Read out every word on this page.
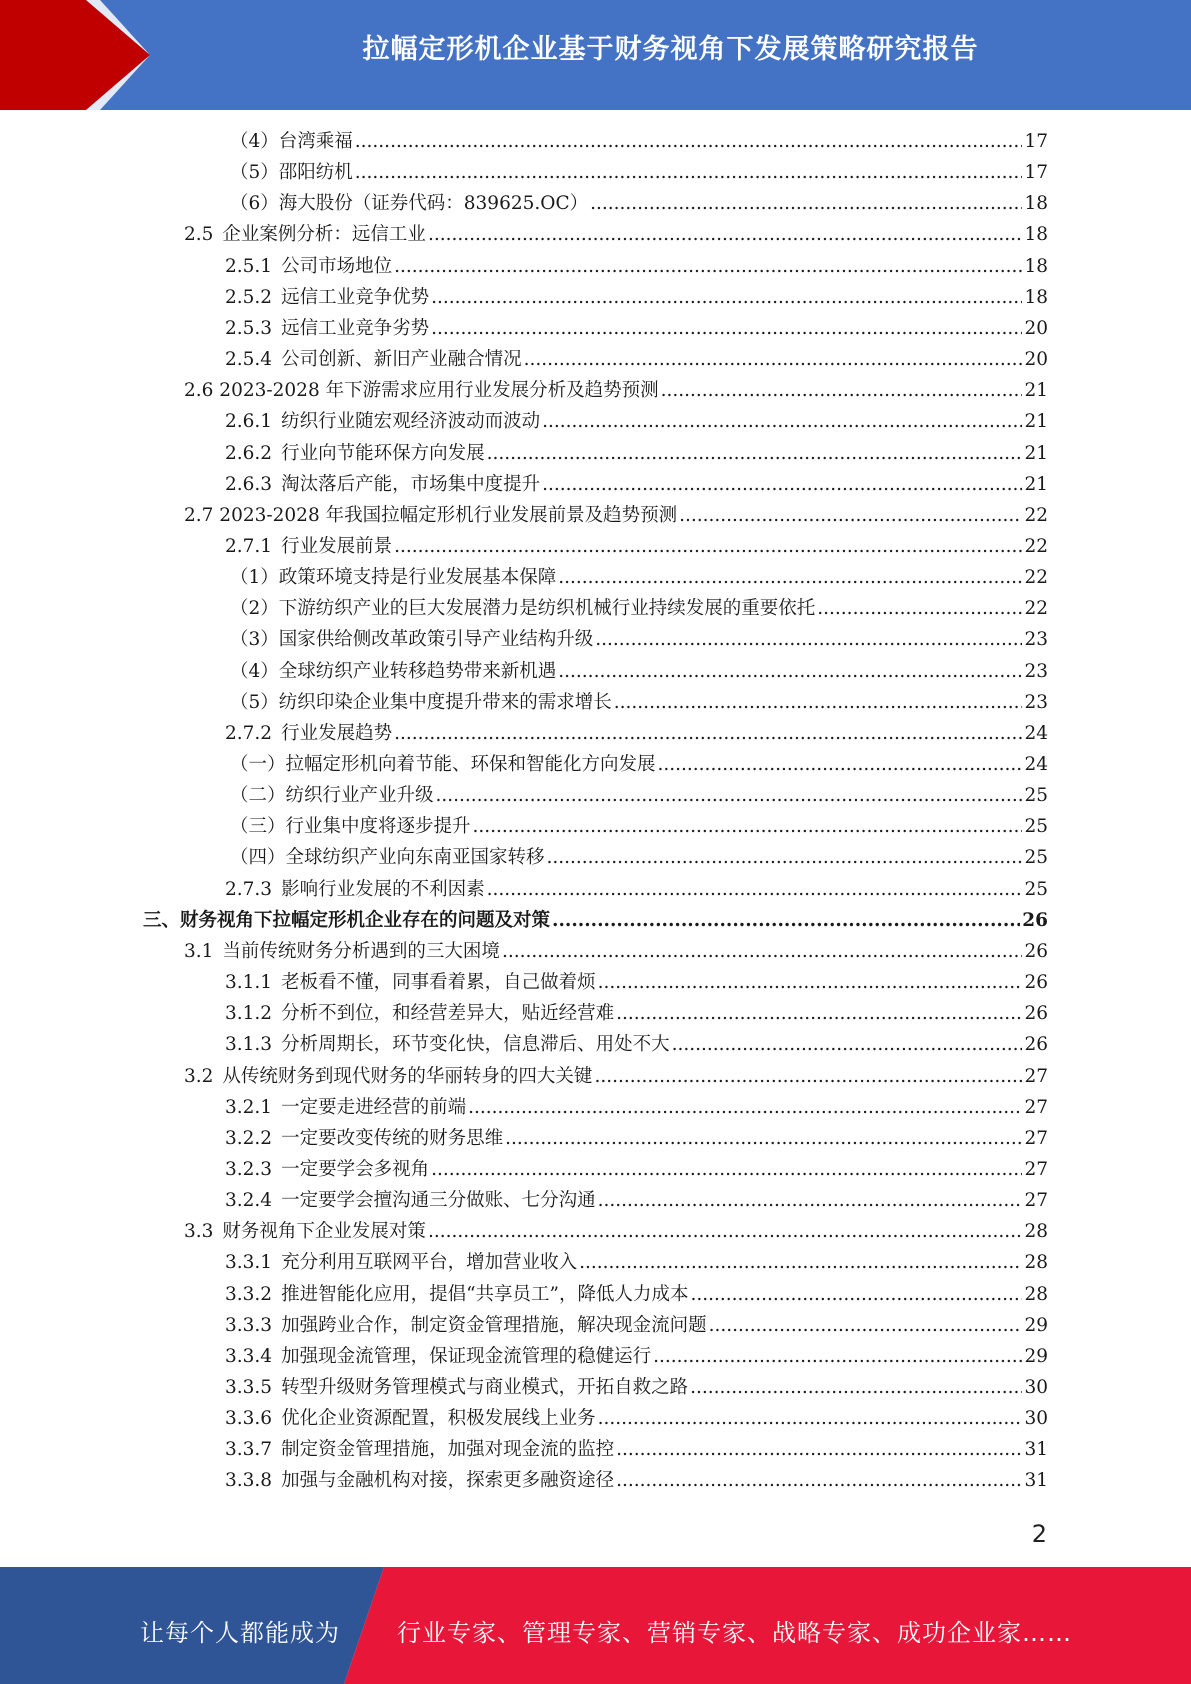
拉幅定形机企业基于财务视角下发展策略研究报告
（4）台湾乘福 .....	17
（5）邵阳纺机 .....	17
（6）海大股份（证券代码：839625.OC） .....	18
2.5 企业案例分析：远信工业 .....	18
2.5.1 公司市场地位 .....	18
2.5.2 远信工业竞争优势 .....	18
2.5.3 远信工业竞争劣势 .....	20
2.5.4 公司创新、新旧产业融合情况 .....	20
2.6 2023-2028 年下游需求应用行业发展分析及趋势预测 .....	21
2.6.1 纺织行业随宏观经济波动而波动 .....	21
2.6.2 行业向节能环保方向发展 .....	21
2.6.3 淘汰落后产能，市场集中度提升 .....	21
2.7 2023-2028 年我国拉幅定形机行业发展前景及趋势预测 .....	22
2.7.1 行业发展前景 .....	22
（1）政策环境支持是行业发展基本保障 .....	22
（2）下游纺织产业的巨大发展潜力是纺织机械行业持续发展的重要依托 .....	22
（3）国家供给侧改革政策引导产业结构升级 .....	23
（4）全球纺织产业转移趋势带来新机遇 .....	23
（5）纺织印染企业集中度提升带来的需求增长 .....	23
2.7.2 行业发展趋势 .....	24
（一）拉幅定形机向着节能、环保和智能化方向发展 .....	24
（二）纺织行业产业升级 .....	25
（三）行业集中度将逐步提升 .....	25
（四）全球纺织产业向东南亚国家转移 .....	25
2.7.3 影响行业发展的不利因素 .....	25
三、财务视角下拉幅定形机企业存在的问题及对策 .....	26
3.1 当前传统财务分析遇到的三大困境 .....	26
3.1.1 老板看不懂，同事看着累，自己做着烦 .....	26
3.1.2 分析不到位，和经营差异大，贴近经营难 .....	26
3.1.3 分析周期长，环节变化快，信息滞后、用处不大 .....	26
3.2 从传统财务到现代财务的华丽转身的四大关键 .....	27
3.2.1 一定要走进经营的前端 .....	27
3.2.2 一定要改变传统的财务思维 .....	27
3.2.3 一定要学会多视角 .....	27
3.2.4 一定要学会擅沟通三分做账、七分沟通 .....	27
3.3 财务视角下企业发展对策 .....	28
3.3.1 充分利用互联网平台，增加营业收入 .....	28
3.3.2 推进智能化应用，提倡“共享员工”，降低人力成本 .....	28
3.3.3 加强跨业合作，制定资金管理措施，解决现金流问题 .....	29
3.3.4 加强现金流管理，保证现金流管理的稳健运行 .....	29
3.3.5 转型升级财务管理模式与商业模式，开拓自救之路 .....	30
3.3.6 优化企业资源配置，积极发展线上业务 .....	30
3.3.7 制定资金管理措施，加强对现金流的监控 .....	31
3.3.8 加强与金融机构对接，探索更多融资途径 .....	31
2
让每个人都能成为 行业专家、管理专家、营销专家、战略专家、成功企业家……
